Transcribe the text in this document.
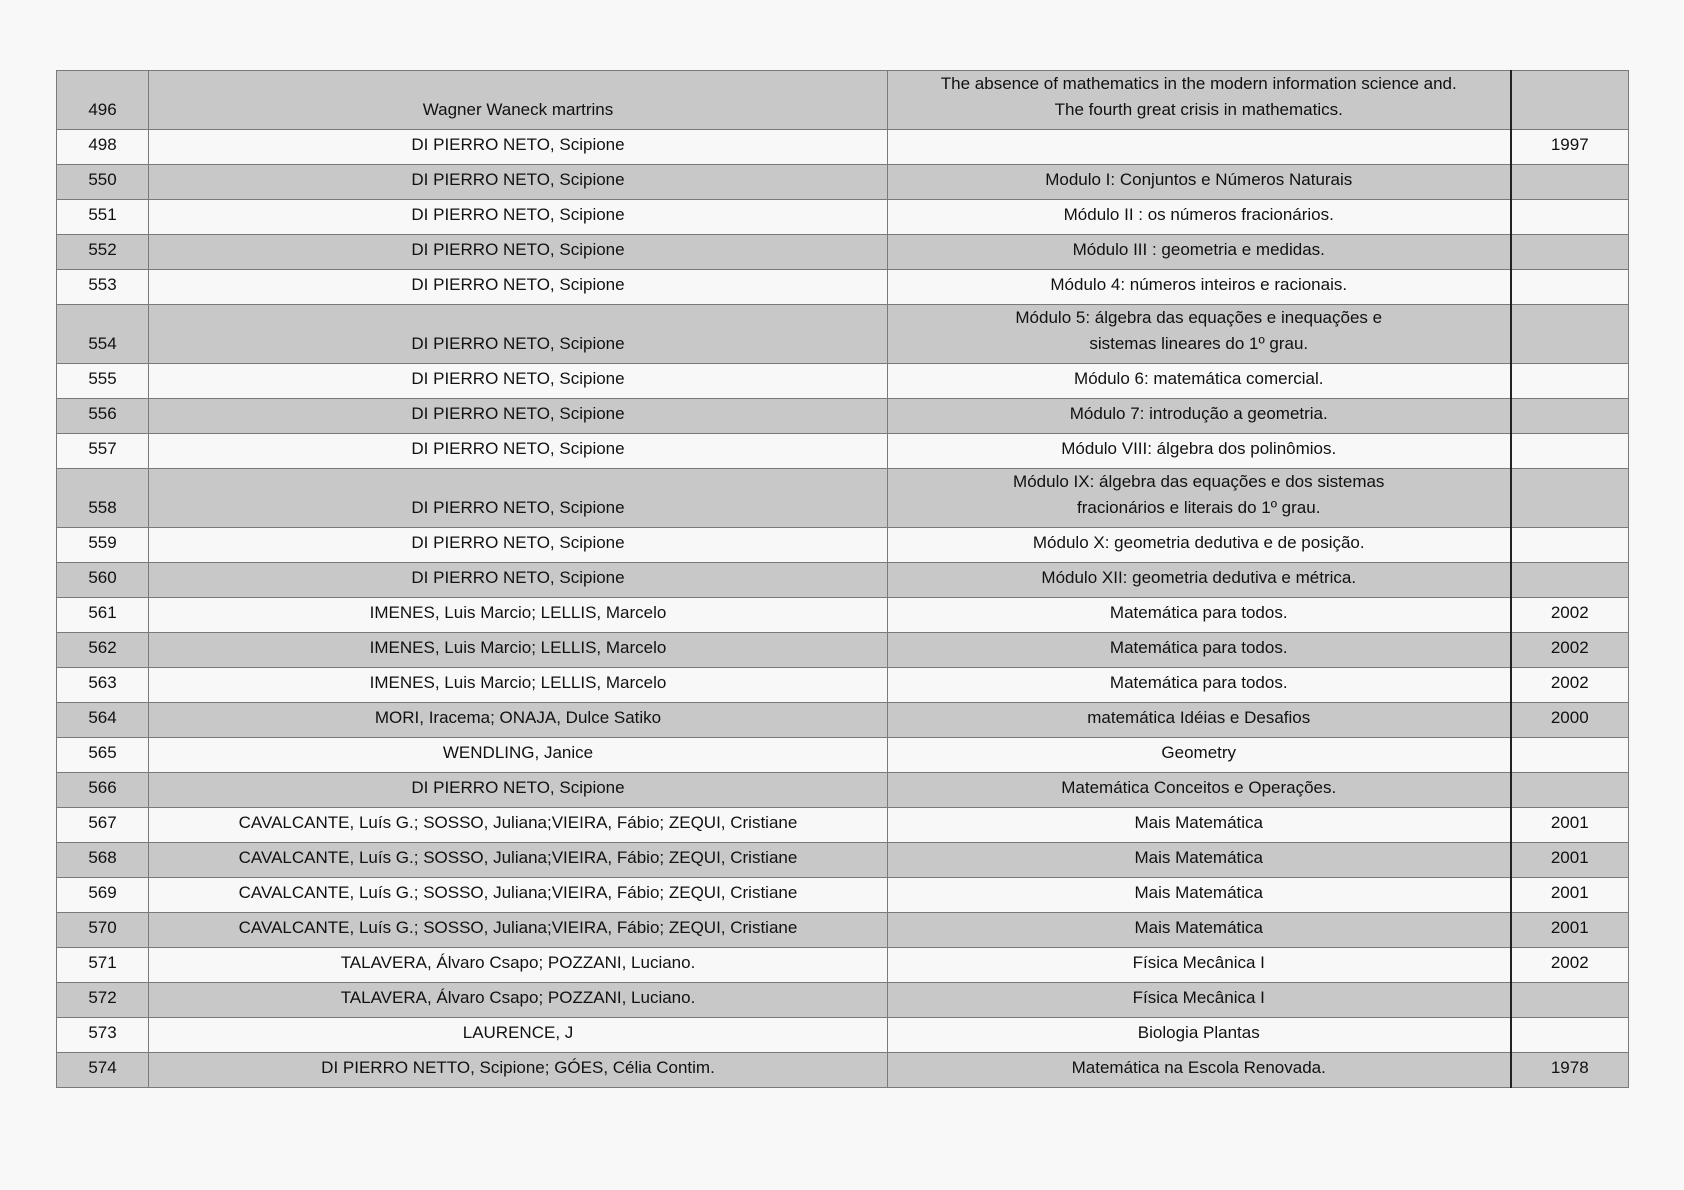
496	Wagner Waneck martrins	The absence of mathematics in the modern information science and.
The fourth great crisis in mathematics.	

498	DI PIERRO NETO, Scipione		1997
550	DI PIERRO NETO, Scipione	Modulo I: Conjuntos e Números Naturais	

551	DI PIERRO NETO, Scipione	Módulo II : os números fracionários.	

552	DI PIERRO NETO, Scipione	Módulo III : geometria e medidas.	

553	DI PIERRO NETO, Scipione	Módulo 4: números inteiros e racionais.	

554	DI PIERRO NETO, Scipione	Módulo 5: álgebra das equações e inequações e
sistemas lineares do 1º grau.	

555	DI PIERRO NETO, Scipione	Módulo 6: matemática comercial.	

556	DI PIERRO NETO, Scipione	Módulo 7: introdução a geometria.	

557	DI PIERRO NETO, Scipione	Módulo VIII: álgebra dos polinômios.	

558	DI PIERRO NETO, Scipione	Módulo IX: álgebra das equações e dos sistemas
fracionários e literais do 1º grau.	

559	DI PIERRO NETO, Scipione	Módulo X: geometria dedutiva e de posição.	

560	DI PIERRO NETO, Scipione	Módulo XII: geometria dedutiva e métrica.	

561	IMENES, Luis Marcio; LELLIS, Marcelo	Matemática para todos.	2002
562	IMENES, Luis Marcio; LELLIS, Marcelo	Matemática para todos.	2002
563	IMENES, Luis Marcio; LELLIS, Marcelo	Matemática para todos.	2002
564	MORI, Iracema; ONAJA, Dulce Satiko	matemática Idéias e Desafios	2000
565	WENDLING, Janice	Geometry	

566	DI PIERRO NETO, Scipione	Matemática Conceitos e Operações.	

567	CAVALCANTE, Luís G.; SOSSO, Juliana;VIEIRA, Fábio; ZEQUI, Cristiane	Mais Matemática	2001
568	CAVALCANTE, Luís G.; SOSSO, Juliana;VIEIRA, Fábio; ZEQUI, Cristiane	Mais Matemática	2001
569	CAVALCANTE, Luís G.; SOSSO, Juliana;VIEIRA, Fábio; ZEQUI, Cristiane	Mais Matemática	2001
570	CAVALCANTE, Luís G.; SOSSO, Juliana;VIEIRA, Fábio; ZEQUI, Cristiane	Mais Matemática	2001
571	TALAVERA, Álvaro Csapo; POZZANI, Luciano.	Física Mecânica I	2002
572	TALAVERA, Álvaro Csapo; POZZANI, Luciano.	Física Mecânica I	

573	LAURENCE, J	Biologia Plantas	

574	DI PIERRO NETTO, Scipione; GÓES, Célia Contim.	Matemática na Escola Renovada.	1978
